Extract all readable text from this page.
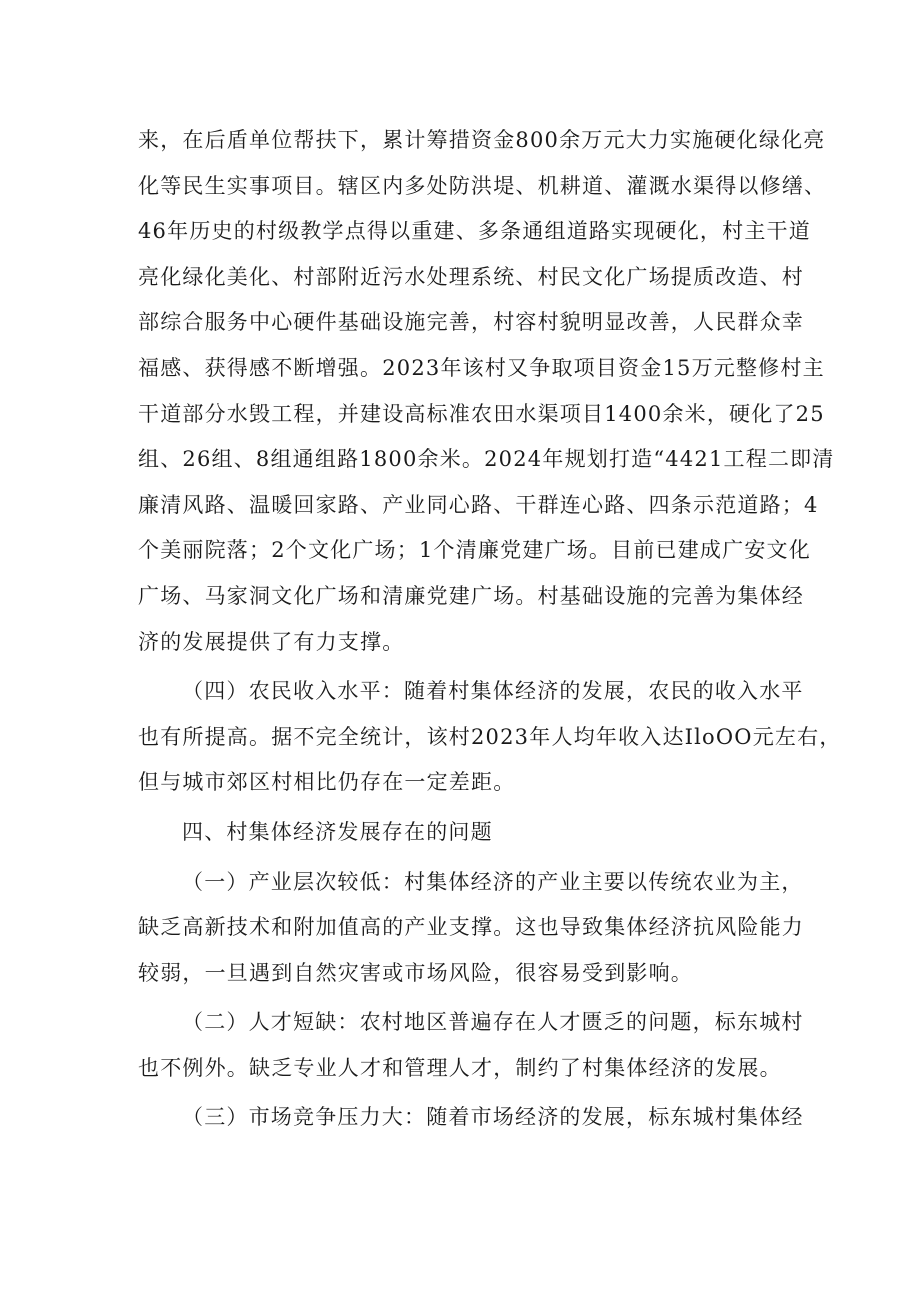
来，在后盾单位帮扶下，累计筹措资金800余万元大力实施硬化绿化亮
化等民生实事项目。辖区内多处防洪堤、机耕道、灌溉水渠得以修缮、
46年历史的村级教学点得以重建、多条通组道路实现硬化，村主干道
亮化绿化美化、村部附近污水处理系统、村民文化广场提质改造、村
部综合服务中心硬件基础设施完善，村容村貌明显改善，人民群众幸
福感、获得感不断增强。2023年该村又争取项目资金15万元整修村主
干道部分水毁工程，并建设高标准农田水渠项目1400余米，硬化了25
组、26组、8组通组路1800余米。2024年规划打造“4421工程二即清
廉清风路、温暖回家路、产业同心路、干群连心路、四条示范道路；4
个美丽院落；2个文化广场；1个清廉党建广场。目前已建成广安文化
广场、马家洞文化广场和清廉党建广场。村基础设施的完善为集体经
济的发展提供了有力支撑。

（四）农民收入水平：随着村集体经济的发展，农民的收入水平
也有所提高。据不完全统计，该村2023年人均年收入达IloOO元左右，
但与城市郊区村相比仍存在一定差距。

四、村集体经济发展存在的问题

（一）产业层次较低：村集体经济的产业主要以传统农业为主，
缺乏高新技术和附加值高的产业支撑。这也导致集体经济抗风险能力
较弱，一旦遇到自然灾害或市场风险，很容易受到影响。

（二）人才短缺：农村地区普遍存在人才匮乏的问题，标东城村
也不例外。缺乏专业人才和管理人才，制约了村集体经济的发展。

（三）市场竞争压力大：随着市场经济的发展，标东城村集体经
